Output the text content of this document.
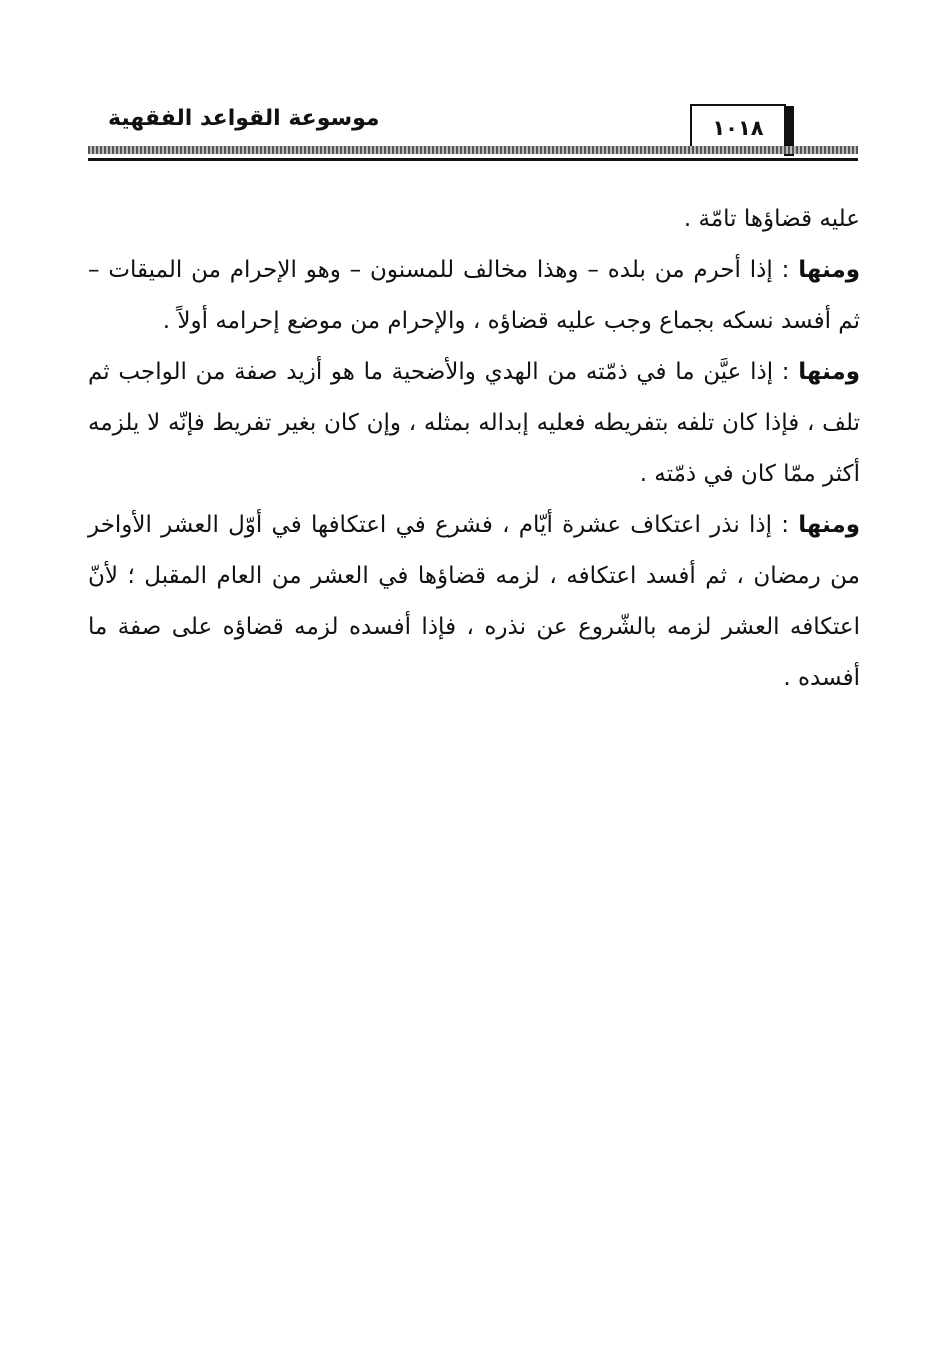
موسوعة القواعد الفقهية	١٠١٨

عليه قضاؤها تامّة .

ومنها : إذا أحرم من بلده – وهذا مخالف للمسنون – وهو الإحرام من الميقات – ثم أفسد نسكه بجماع وجب عليه قضاؤه ، والإحرام من موضع إحرامه أولاً .

ومنها : إذا عيَّن ما في ذمّته من الهدي والأضحية ما هو أزيد صفة من الواجب ثم تلف ، فإذا كان تلفه بتفريطه فعليه إبداله بمثله ، وإن كان بغير تفريط فإنّه لا يلزمه أكثر ممّا كان في ذمّته .

ومنها : إذا نذر اعتكاف عشرة أيّام ، فشرع في اعتكافها في أوّل العشر الأواخر من رمضان ، ثم أفسد اعتكافه ، لزمه قضاؤها في العشر من العام المقبل ؛ لأنّ اعتكافه العشر لزمه بالشّروع عن نذره ، فإذا أفسده لزمه قضاؤه على صفة ما أفسده .
